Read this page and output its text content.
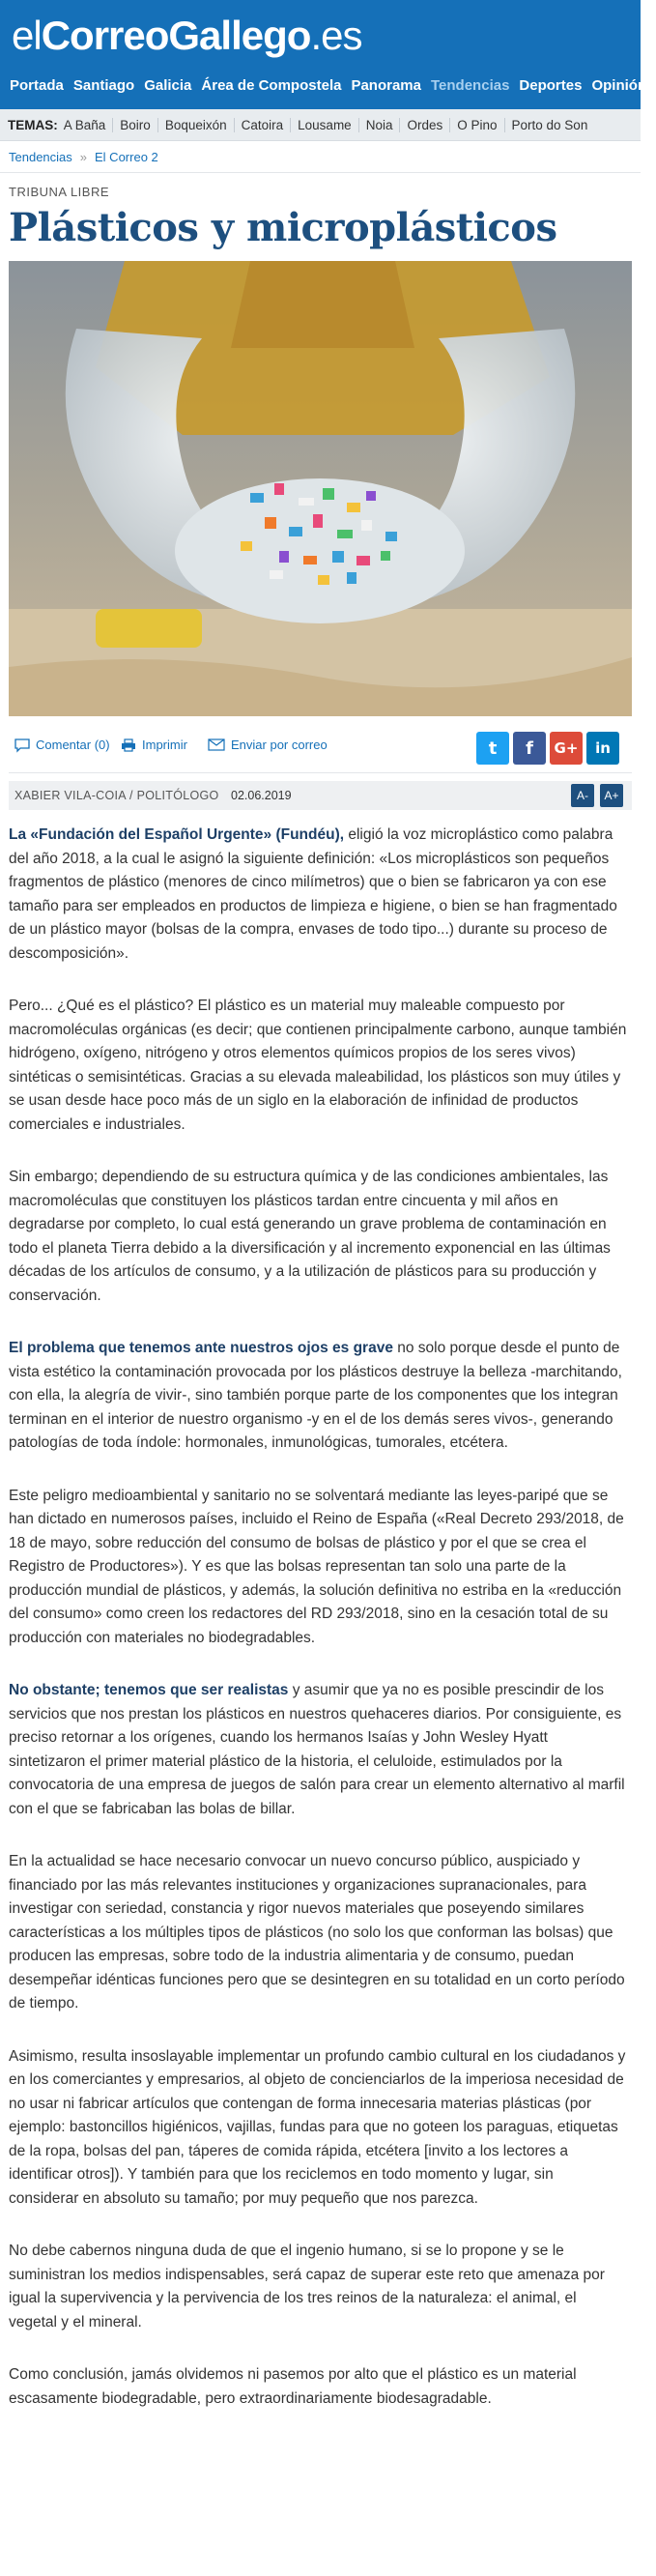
elCorreoGallego.es
Portada Santiago Galicia Área de Compostela Panorama Tendencias Deportes Opinión
TEMAS: A Baña	Boiro	Boqueixón	Catoira	Lousame	Noia	Ordes	O Pino	Porto do Son
Tendencias » El Correo 2
TRIBUNA LIBRE
Plásticos y microplásticos
Comentar (0)	Imprimir	Enviar por correo	t f G+ in
XABIER VILA-COIA / POLITÓLOGO 02.06.2019	A-	A+

La «Fundación del Español Urgente» (Fundéu), eligió la voz microplástico como palabra del año 2018, a la cual le asignó la siguiente definición: «Los microplásticos son pequeños fragmentos de plástico (menores de cinco milímetros) que o bien se fabricaron ya con ese tamaño para ser empleados en productos de limpieza e higiene, o bien se han fragmentado de un plástico mayor (bolsas de la compra, envases de todo tipo...) durante su proceso de descomposición».

Pero... ¿Qué es el plástico? El plástico es un material muy maleable compuesto por macromoléculas orgánicas (es decir; que contienen principalmente carbono, aunque también hidrógeno, oxígeno, nitrógeno y otros elementos químicos propios de los seres vivos) sintéticas o semisintéticas. Gracias a su elevada maleabilidad, los plásticos son muy útiles y se usan desde hace poco más de un siglo en la elaboración de infinidad de productos comerciales e industriales.

Sin embargo; dependiendo de su estructura química y de las condiciones ambientales, las macromoléculas que constituyen los plásticos tardan entre cincuenta y mil años en degradarse por completo, lo cual está generando un grave problema de contaminación en todo el planeta Tierra debido a la diversificación y al incremento exponencial en las últimas décadas de los artículos de consumo, y a la utilización de plásticos para su producción y conservación.

El problema que tenemos ante nuestros ojos es grave no solo porque desde el punto de vista estético la contaminación provocada por los plásticos destruye la belleza -marchitando, con ella, la alegría de vivir-, sino también porque parte de los componentes que los integran terminan en el interior de nuestro organismo -y en el de los demás seres vivos-, generando patologías de toda índole: hormonales, inmunológicas, tumorales, etcétera.

Este peligro medioambiental y sanitario no se solventará mediante las leyes-paripé que se han dictado en numerosos países, incluido el Reino de España («Real Decreto 293/2018, de 18 de mayo, sobre reducción del consumo de bolsas de plástico y por el que se crea el Registro de Productores»). Y es que las bolsas representan tan solo una parte de la producción mundial de plásticos, y además, la solución definitiva no estriba en la «reducción del consumo» como creen los redactores del RD 293/2018, sino en la cesación total de su producción con materiales no biodegradables.

No obstante; tenemos que ser realistas y asumir que ya no es posible prescindir de los servicios que nos prestan los plásticos en nuestros quehaceres diarios. Por consiguiente, es preciso retornar a los orígenes, cuando los hermanos Isaías y John Wesley Hyatt sintetizaron el primer material plástico de la historia, el celuloide, estimulados por la convocatoria de una empresa de juegos de salón para crear un elemento alternativo al marfil con el que se fabricaban las bolas de billar.

En la actualidad se hace necesario convocar un nuevo concurso público, auspiciado y financiado por las más relevantes instituciones y organizaciones supranacionales, para investigar con seriedad, constancia y rigor nuevos materiales que poseyendo similares características a los múltiples tipos de plásticos (no solo los que conforman las bolsas) que producen las empresas, sobre todo de la industria alimentaria y de consumo, puedan desempeñar idénticas funciones pero que se desintegren en su totalidad en un corto período de tiempo.

Asimismo, resulta insoslayable implementar un profundo cambio cultural en los ciudadanos y en los comerciantes y empresarios, al objeto de concienciarlos de la imperiosa necesidad de no usar ni fabricar artículos que contengan de forma innecesaria materias plásticas (por ejemplo: bastoncillos higiénicos, vajillas, fundas para que no goteen los paraguas, etiquetas de la ropa, bolsas del pan, táperes de comida rápida, etcétera [invito a los lectores a identificar otros]). Y también para que los reciclemos en todo momento y lugar, sin considerar en absoluto su tamaño; por muy pequeño que nos parezca.

No debe cabernos ninguna duda de que el ingenio humano, si se lo propone y se le suministran los medios indispensables, será capaz de superar este reto que amenaza por igual la supervivencia y la pervivencia de los tres reinos de la naturaleza: el animal, el vegetal y el mineral.

Como conclusión, jamás olvidemos ni pasemos por alto que el plástico es un material escasamente biodegradable, pero extraordinariamente biodesagradable.
